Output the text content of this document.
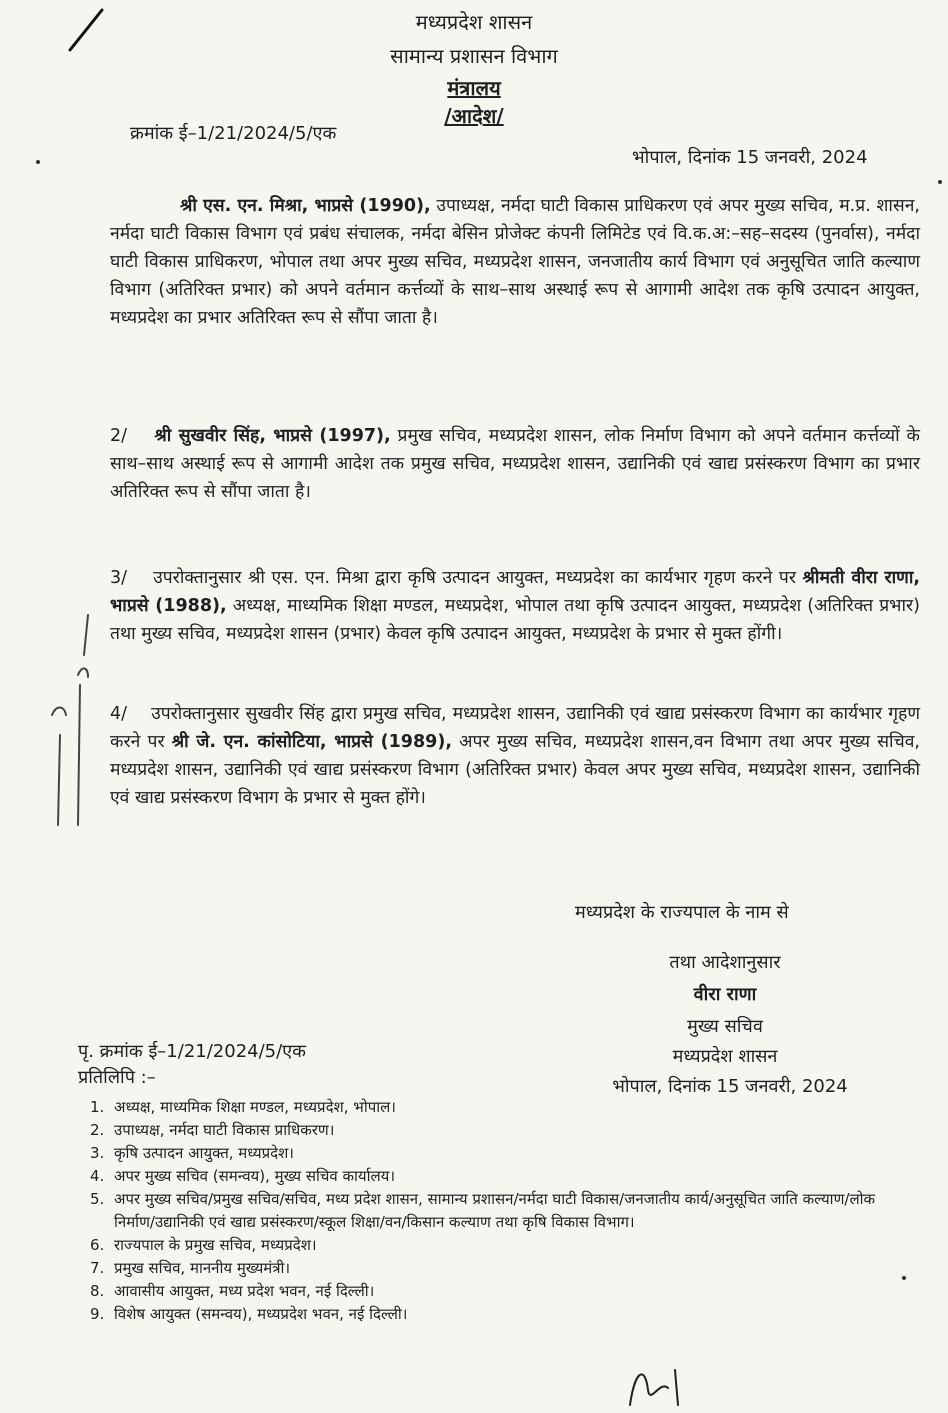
मध्यप्रदेश शासन
सामान्य प्रशासन विभाग
मंत्रालय
/आदेश/
क्रमांक ई–1/21/2024/5/एक
भोपाल, दिनांक 15 जनवरी, 2024
श्री एस. एन. मिश्रा, भाप्रसे (1990), उपाध्यक्ष, नर्मदा घाटी विकास प्राधिकरण एवं अपर मुख्य सचिव, म.प्र. शासन, नर्मदा घाटी विकास विभाग एवं प्रबंध संचालक, नर्मदा बेसिन प्रोजेक्ट कंपनी लिमिटेड एवं वि.क.अ:–सह–सदस्य (पुनर्वास), नर्मदा घाटी विकास प्राधिकरण, भोपाल तथा अपर मुख्य सचिव, मध्यप्रदेश शासन, जनजातीय कार्य विभाग एवं अनुसूचित जाति कल्याण विभाग (अतिरिक्त प्रभार) को अपने वर्तमान कर्त्तव्यों के साथ–साथ अस्थाई रूप से आगामी आदेश तक कृषि उत्पादन आयुक्त, मध्यप्रदेश का प्रभार अतिरिक्त रूप से सौंपा जाता है।
2/ श्री सुखवीर सिंह, भाप्रसे (1997), प्रमुख सचिव, मध्यप्रदेश शासन, लोक निर्माण विभाग को अपने वर्तमान कर्त्तव्यों के साथ–साथ अस्थाई रूप से आगामी आदेश तक प्रमुख सचिव, मध्यप्रदेश शासन, उद्यानिकी एवं खाद्य प्रसंस्करण विभाग का प्रभार अतिरिक्त रूप से सौंपा जाता है।
3/ उपरोक्तानुसार श्री एस. एन. मिश्रा द्वारा कृषि उत्पादन आयुक्त, मध्यप्रदेश का कार्यभार गृहण करने पर श्रीमती वीरा राणा, भाप्रसे (1988), अध्यक्ष, माध्यमिक शिक्षा मण्डल, मध्यप्रदेश, भोपाल तथा कृषि उत्पादन आयुक्त, मध्यप्रदेश (अतिरिक्त प्रभार) तथा मुख्य सचिव, मध्यप्रदेश शासन (प्रभार) केवल कृषि उत्पादन आयुक्त, मध्यप्रदेश के प्रभार से मुक्त होंगी।
4/ उपरोक्तानुसार सुखवीर सिंह द्वारा प्रमुख सचिव, मध्यप्रदेश शासन, उद्यानिकी एवं खाद्य प्रसंस्करण विभाग का कार्यभार गृहण करने पर श्री जे. एन. कांसोटिया, भाप्रसे (1989), अपर मुख्य सचिव, मध्यप्रदेश शासन,वन विभाग तथा अपर मुख्य सचिव, मध्यप्रदेश शासन, उद्यानिकी एवं खाद्य प्रसंस्करण विभाग (अतिरिक्त प्रभार) केवल अपर मुख्य सचिव, मध्यप्रदेश शासन, उद्यानिकी एवं खाद्य प्रसंस्करण विभाग के प्रभार से मुक्त होंगे।
मध्यप्रदेश के राज्यपाल के नाम से
तथा आदेशानुसार
वीरा राणा
मुख्य सचिव
मध्यप्रदेश शासन
भोपाल, दिनांक 15 जनवरी, 2024
पृ. क्रमांक ई–1/21/2024/5/एक
प्रतिलिपि :–
1. अध्यक्ष, माध्यमिक शिक्षा मण्डल, मध्यप्रदेश, भोपाल।
2. उपाध्यक्ष, नर्मदा घाटी विकास प्राधिकरण।
3. कृषि उत्पादन आयुक्त, मध्यप्रदेश।
4. अपर मुख्य सचिव (समन्वय), मुख्य सचिव कार्यालय।
5. अपर मुख्य सचिव/प्रमुख सचिव/सचिव, मध्य प्रदेश शासन, सामान्य प्रशासन/नर्मदा घाटी विकास/जनजातीय कार्य/अनुसूचित जाति कल्याण/लोक निर्माण/उद्यानिकी एवं खाद्य प्रसंस्करण/स्कूल शिक्षा/वन/किसान कल्याण तथा कृषि विकास विभाग।
6. राज्यपाल के प्रमुख सचिव, मध्यप्रदेश।
7. प्रमुख सचिव, माननीय मुख्यमंत्री।
8. आवासीय आयुक्त, मध्य प्रदेश भवन, नई दिल्ली।
9. विशेष आयुक्त (समन्वय), मध्यप्रदेश भवन, नई दिल्ली।
